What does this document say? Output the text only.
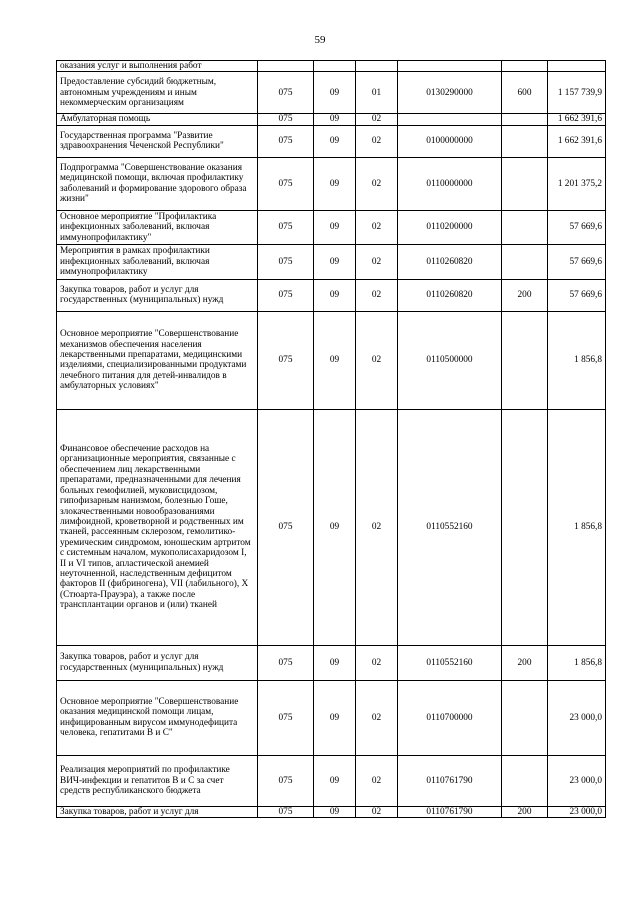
59
оказания услуг и выполнения работ						
Предоставление субсидий бюджетным, автономным учреждениям и иным некоммерческим организациям	075	09	01	0130290000	600	1 157 739,9
Амбулаторная помощь	075	09	02			1 662 391,6
Государственная программа "Развитие здравоохранения Чеченской Республики"	075	09	02	0100000000		1 662 391,6
Подпрограмма "Совершенствование оказания медицинской помощи, включая профилактику заболеваний и формирование здорового образа жизни"	075	09	02	0110000000		1 201 375,2
Основное мероприятие "Профилактика инфекционных заболеваний, включая иммунопрофилактику"	075	09	02	0110200000		57 669,6
Мероприятия в рамках профилактики инфекционных заболеваний, включая иммунопрофилактику	075	09	02	0110260820		57 669,6
Закупка товаров, работ и услуг для государственных (муниципальных) нужд	075	09	02	0110260820	200	57 669,6
Основное мероприятие "Совершенствование механизмов обеспечения населения лекарственными препаратами, медицинскими изделиями, специализированными продуктами лечебного питания для детей-инвалидов в амбулаторных условиях"	075	09	02	0110500000		1 856,8
Финансовое обеспечение расходов на организационные мероприятия, связанные с обеспечением лиц лекарственными препаратами, предназначенными для лечения больных гемофилией, муковисцидозом, гипофизарным нанизмом, болезнью Гоше, злокачественными новообразованиями лимфоидной, кроветворной и родственных им тканей, рассеянным склерозом, гемолитико-уремическим синдромом, юношеским артритом с системным началом, мукополисахаридозом I, II и VI типов, апластической анемией неуточненной, наследственным дефицитом факторов II (фибриногена), VII (лабильного), X (Стюарта-Прауэра), а также после трансплантации органов и (или) тканей	075	09	02	0110552160		1 856,8
Закупка товаров, работ и услуг для государственных (муниципальных) нужд	075	09	02	0110552160	200	1 856,8
Основное мероприятие "Совершенствование оказания медицинской помощи лицам, инфицированным вирусом иммунодефицита человека, гепатитами B и C"	075	09	02	0110700000		23 000,0
Реализация мероприятий по профилактике ВИЧ-инфекции и гепатитов B и C за счет средств республиканского бюджета	075	09	02	0110761790		23 000,0
Закупка товаров, работ и услуг для	075	09	02	0110761790	200	23 000,0
